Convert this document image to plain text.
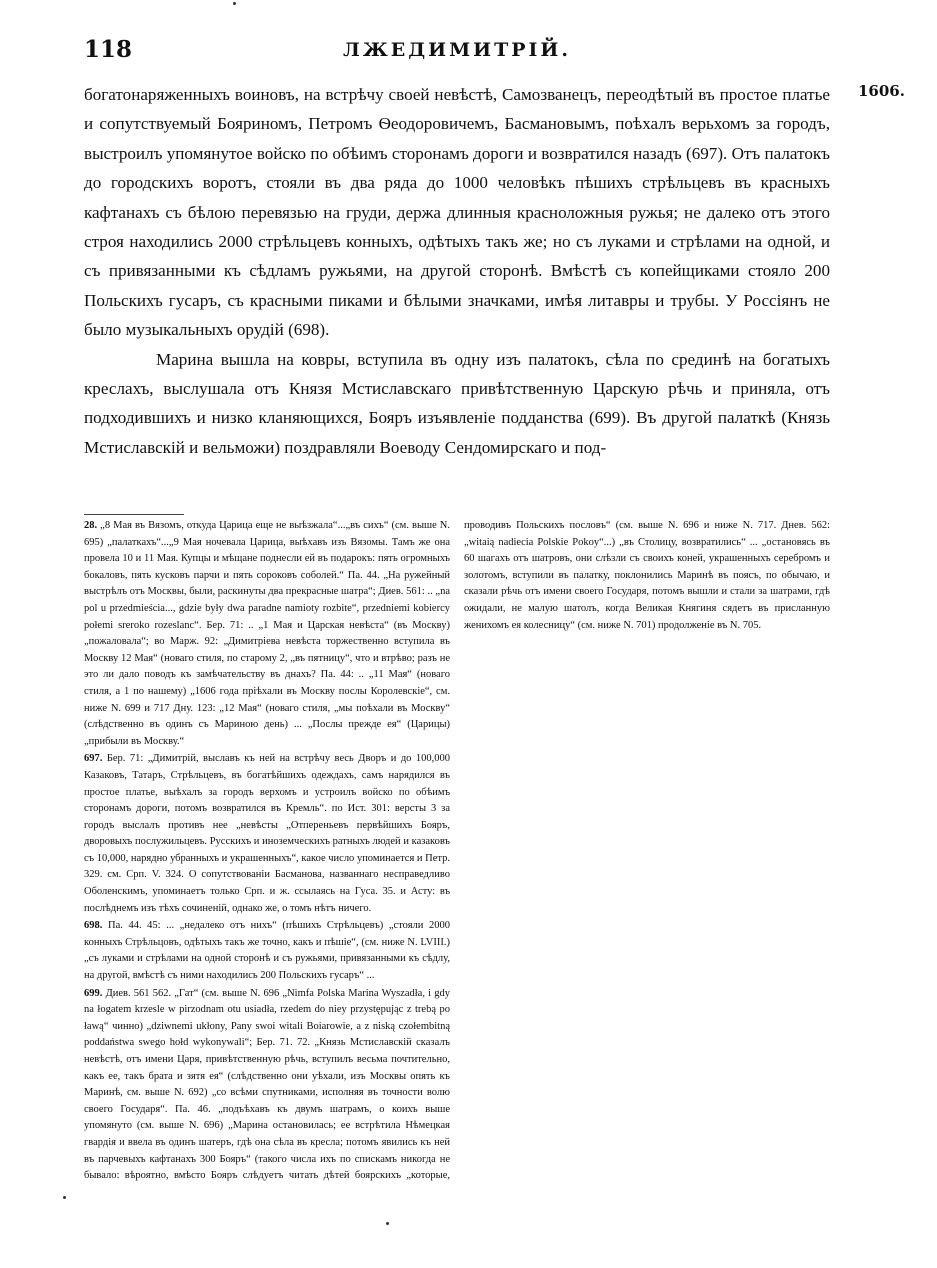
118	ЛЖЕДИМИТРІЙ.
1606.

богатонаряженныхъ воиновъ, на встрѣчу своей невѣстѣ, Самозванецъ, переодѣтый въ простое платье и сопутствуемый Бояриномъ, Петромъ Ѳеодоровичемъ, Басмановымъ, поѣхалъ верьхомъ за городъ, выстроилъ упомянутое войско по обѣимъ сторонамъ дороги и возвратился назадъ (697). Отъ палатокъ до городскихъ воротъ, стояли въ два ряда до 1000 человѣкъ пѣшихъ стрѣльцевъ въ красныхъ кафтанахъ съ бѣлою перевязью на груди, держа длинныя красноложныя ружья; не далеко отъ этого строя находились 2000 стрѣльцевъ конныхъ, одѣтыхъ такъ же; но съ луками и стрѣлами на одной, и съ привязанными къ сѣдламъ ружьями, на другой сторонѣ. Вмѣстѣ съ копейщиками стояло 200 Польскихъ гусаръ, съ красными пиками и бѣлыми значками, имѣя литавры и трубы. У Россіянъ не было музыкальныхъ орудій (698).

Марина вышла на ковры, вступила въ одну изъ палатокъ, сѣла по срединѣ на богатыхъ креслахъ, выслушала отъ Князя Мстиславскаго привѣтственную Царскую рѣчь и приняла, отъ подходившихъ и низко кланяющихся, Бояръ изъявленіе подданства (699). Въ другой палаткѣ (Князь Мстиславскій и вельможи) поздравляли Воеводу Сендомирскаго и под-

28. „8 Мая въ Вязомъ, откуда Царица еще не выѣзжала“...„въ сихъ“ (см. выше N. 695) „палаткахъ“...„9 Мая ночевала Царица, выѣхавъ изъ Вязомы. Тамъ же она провела 10 и 11 Мая. Купцы и мѣщане поднесли ей въ подарокъ: пять огромныхъ бокаловъ, пять кусковъ парчи и пять сороковъ соболей.“ Па. 44. „На ружейный выстрѣлъ отъ Москвы, были, раскинуты два прекрасные шатра“; Диев. 561: .. „na pol u przedmieścia..., gdzie były dwa paradne namioty rozbite“, przedniemi kobiercy połemi sreroko rozeslanc“. Бер. 71: .. „1 Мая и Царская невѣста“ (въ Москву) „пожаловала“; во Марж. 92: „Димитріева невѣста торжественно вступила въ Москву 12 Мая“ (новаго стиля, по старому 2, „въ пятницу“, что и втрѣво; разъ не это ли дало поводъ къ замѣчательству въ днахъ? Па. 44: .. „11 Мая“ (новаго стиля, а 1 по нашему) „1606 года пріѣхали въ Москву послы Королевскіе“, см. ниже N. 699 и 717 Дну. 123: „12 Мая“ (новаго стиля, „мы поѣхали въ Москву“ (слѣдственно въ одинъ съ Мариною день) ... „Послы прежде ея“ (Царицы) „прибыли въ Москву.“

697. Бер. 71: „Димитрій, выславъ къ ней на встрѣчу весь Дворъ и до 100,000 Казаковъ, Татаръ, Стрѣльцевъ, въ богатѣйшихъ одеждахъ, самъ нарядился въ простое платье, выѣхалъ за городъ верхомъ и устроилъ войско по обѣимъ сторонамъ дороги, потомъ возвратился въ Кремль“. по Ист. 301: версты 3 за городъ выслалъ противъ нее „невѣсты „Отпереньевъ первѣйшихъ Бояръ, дворовыхъ послужильцевъ. Русскихъ и иноземческихъ ратныхъ людей и казаковъ съ 10,000, нарядно убранныхъ и украшенныхъ“, какое число упоминается и Петр. 329. см. Срп. V. 324. О сопутствованіи Басманова, названнаго несправедливо Оболенскимъ, упоминаетъ только Срп. и ж. ссылаясь на Гуса. 35. и Асту: въ послѣднемъ изъ тѣхъ сочиненій, однако же, о томъ нѣтъ ничего.

698. Па. 44. 45: ... „недалеко отъ нихъ“ (пѣшихъ Стрѣльцевъ) „стояли 2000 конныхъ Стрѣльцовъ, одѣтыхъ такъ же точно, какъ и пѣшіе“, (см. ниже N. LVIII.) „съ луками и стрѣлами на одной сторонѣ и съ ружьями, привязанными къ сѣдлу, на другой, вмѣстѣ съ ними находились 200 Польскихъ гусаръ“ ...

699. Диев. 561 562. „Гат“ (см. выше N. 696 „Nimfa Polska Marina Wyszadła, i gdy na łogatem krzesle w pirzodnam otu usiadła, rzedem do niey przystępując z trebą po ławą“ чинно) „dziwnemi ukłony, Pany swoi witali Boiarowie, a z niską czołembitną poddaństwa swego hołd wykonywali“; Бер. 71. 72. „Князь Мстиславскій сказалъ невѣстѣ, отъ имени Царя, привѣтственную рѣчь, вступилъ весьма почтительно, какъ ее, такъ брата и зятя ея“ (слѣдственно они уѣхали, изъ Москвы опять къ Маринѣ, см. выше N. 692) „со всѣми спутниками, исполняя въ точности волю своего Государя“. Па. 46. „подъѣхавъ къ двумъ шатрамъ, о коихъ выше упомянуто (см. выше N. 696) „Марина остановилась; ее встрѣтила Нѣмецкая гвардія и ввела въ одинъ шатеръ, гдѣ она сѣла въ кресла; потомъ явились къ ней въ парчевыхъ кафтанахъ 300 Бояръ“ (такого числа ихъ по спискамъ никогда не бывало: вѣроятно, вмѣсто Бояръ слѣдуетъ читать дѣтей боярскихъ „которые, проводивъ Польскихъ пословъ“ (см. выше N. 696 и ниже N. 717. Днев. 562: „witaią nadiecia Polskie Pokoy“...) „въ Столицу, возвратились“ ... „остановясь въ 60 шагахъ отъ шатровъ, они слѣзли съ своихъ коней, украшенныхъ серебромъ и золотомъ, вступили въ палатку, поклонились Маринѣ въ поясъ, по обычаю, и сказали рѣчь отъ имени своего Государя, потомъ вышли и стали за шатрами, гдѣ ожидали, не малую шатолъ, когда Великая Княгиня сядетъ въ присланную женихомъ ея колесницу“ (см. ниже N. 701) продолженіе въ N. 705.
